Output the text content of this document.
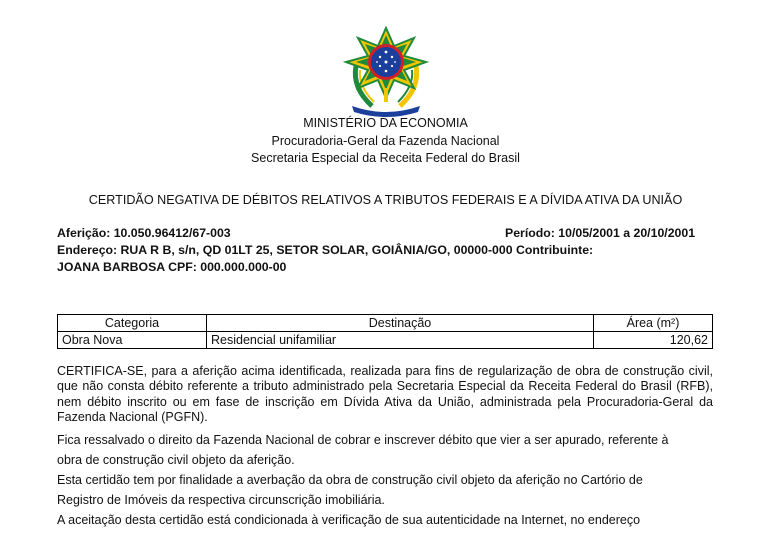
MINISTÉRIO DA ECONOMIA
Procuradoria-Geral da Fazenda Nacional
Secretaria Especial da Receita Federal do Brasil
CERTIDÃO NEGATIVA DE DÉBITOS RELATIVOS A TRIBUTOS FEDERAIS E A DÍVIDA ATIVA DA UNIÃO
Aferição: 10.050.96412/67-003	Período: 10/05/2001 a 20/10/2001
Endereço: RUA R B, s/n, QD 01LT 25, SETOR SOLAR, GOIÂNIA/GO, 00000-000 Contribuinte:
JOANA BARBOSA CPF: 000.000.000-00
Categoria	Destinação	Área (m²)
Obra Nova	Residencial unifamiliar	120,62
CERTIFICA-SE, para a aferição acima identificada, realizada para fins de regularização de obra de construção civil, que não consta débito referente a tributo administrado pela Secretaria Especial da Receita Federal do Brasil (RFB), nem débito inscrito ou em fase de inscrição em Dívida Ativa da União, administrada pela Procuradoria-Geral da Fazenda Nacional (PGFN).
Fica ressalvado o direito da Fazenda Nacional de cobrar e inscrever débito que vier a ser apurado, referente à
obra de construção civil objeto da aferição.
Esta certidão tem por finalidade a averbação da obra de construção civil objeto da aferição no Cartório de
Registro de Imóveis da respectiva circunscrição imobiliária.
A aceitação desta certidão está condicionada à verificação de sua autenticidade na Internet, no endereço
